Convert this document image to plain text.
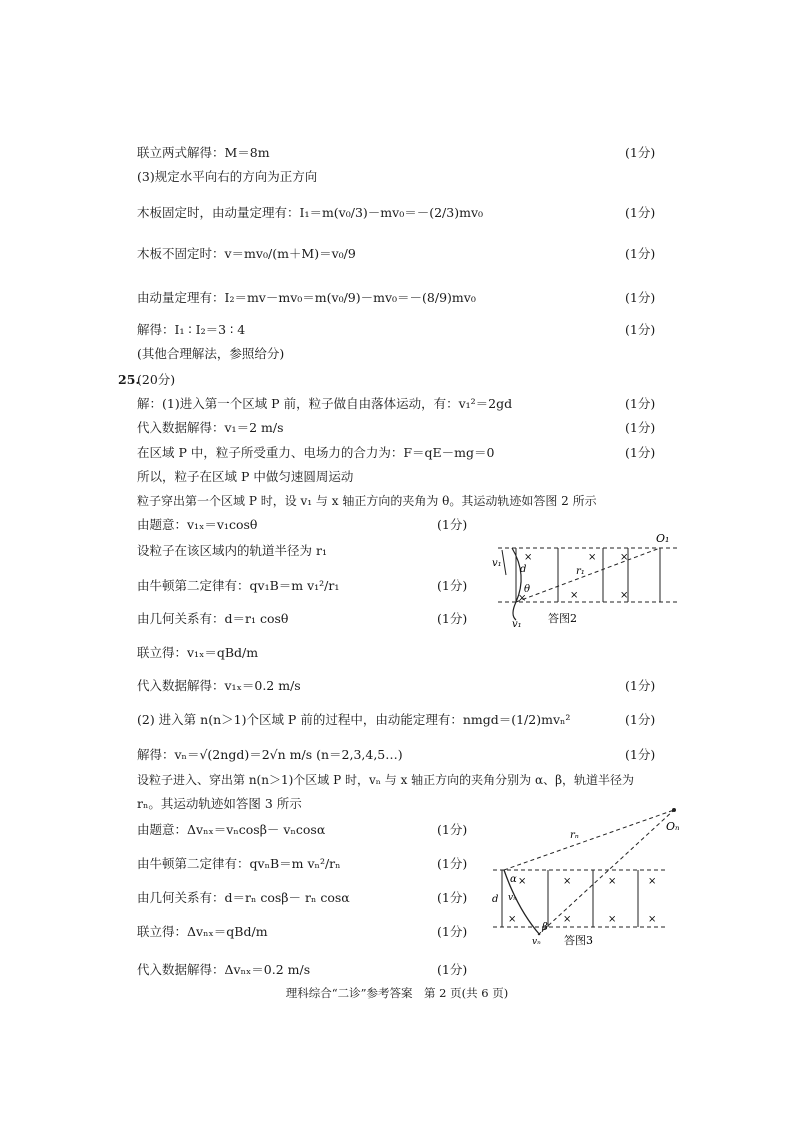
联立两式解得：M＝8m	(1分)
(3)规定水平向右的方向为正方向
木板固定时，由动量定理有：I₁＝m(v₀/3)－mv₀＝－(2/3)mv₀	(1分)
木板不固定时：v＝mv₀/(m＋M)＝v₀/9	(1分)
由动量定理有：I₂＝mv－mv₀＝m(v₀/9)－mv₀＝－(8/9)mv₀	(1分)
解得：I₁ ∶ I₂＝3 ∶ 4	(1分)
(其他合理解法，参照给分)
25.
(20分)
解：(1)进入第一个区域 P 前，粒子做自由落体运动，有：v₁²＝2gd	(1分)
代入数据解得：v₁＝2 m/s	(1分)
在区域 P 中，粒子所受重力、电场力的合力为：F＝qE－mg＝0	(1分)
所以，粒子在区域 P 中做匀速圆周运动
粒子穿出第一个区域 P 时，设 v₁ 与 x 轴正方向的夹角为 θ。其运动轨迹如答图 2 所示
由题意：v₁ₓ＝v₁cosθ	(1分)
设粒子在该区域内的轨道半径为 r₁
由牛顿第二定律有：qv₁B＝m v₁²/r₁	(1分)
由几何关系有：d＝r₁ cosθ	(1分)
联立得：v₁ₓ＝qBd/m
代入数据解得：v₁ₓ＝0.2 m/s	(1分)
(2) 进入第 n(n＞1)个区域 P 前的过程中，由动能定理有：nmgd＝(1/2)mvₙ²	(1分)
解得：vₙ＝√(2ngd)＝2√n m/s (n＝2,3,4,5…)	(1分)
设粒子进入、穿出第 n(n＞1)个区域 P 时，vₙ 与 x 轴正方向的夹角分别为 α、β，轨道半径为
rₙ。其运动轨迹如答图 3 所示
由题意：Δvₙₓ＝vₙcosβ－ vₙcosα	(1分)
由牛顿第二定律有：qvₙB＝m vₙ²/rₙ	(1分)
由几何关系有：d＝rₙ cosβ－ rₙ cosα	(1分)
联立得：Δvₙₓ＝qBd/m	(1分)
代入数据解得：Δvₙₓ＝0.2 m/s	(1分)
×	× ×
×	×
×
O₁
r₁
v₁
d
θ
v₁ 答图2
×	×	×	×
×	×	×	×
Oₙ
rₙ
d vₙ
α
β
vₙ 答图3
理科综合“二诊”参考答案　第 2 页(共 6 页)
